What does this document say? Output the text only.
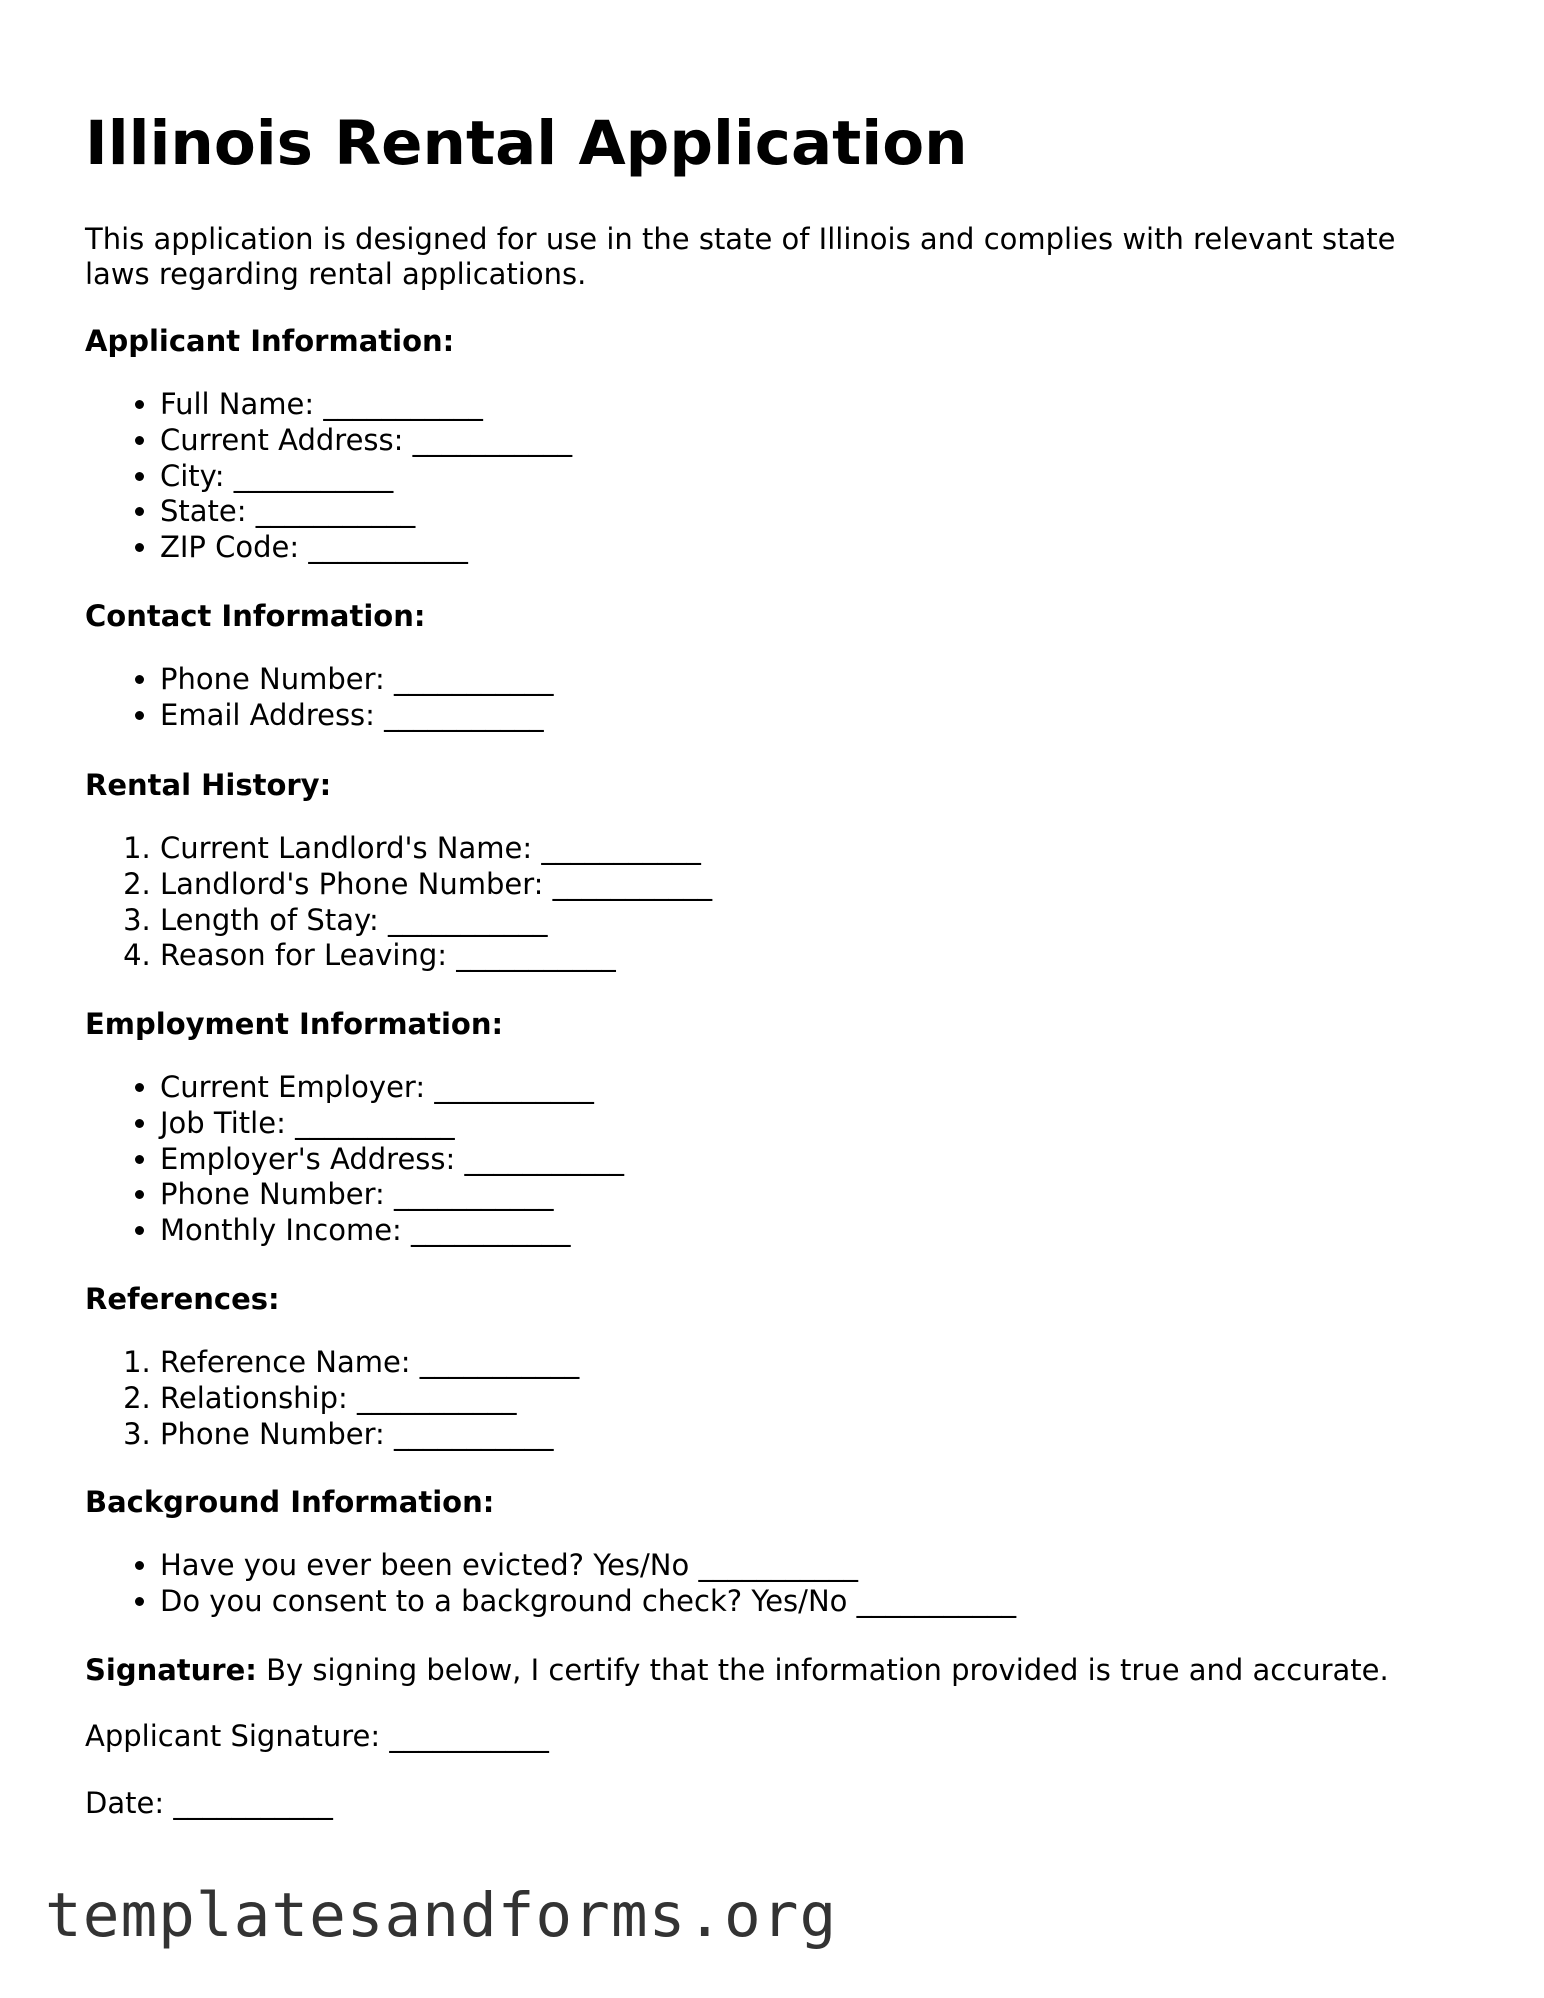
Illinois Rental Application

This application is designed for use in the state of Illinois and complies with relevant state laws regarding rental applications.

Applicant Information:
• Full Name: ___________
• Current Address: ___________
• City: ___________
• State: ___________
• ZIP Code: ___________
Contact Information:
• Phone Number: ___________
• Email Address: ___________
Rental History:
1. Current Landlord's Name: ___________
2. Landlord's Phone Number: ___________
3. Length of Stay: ___________
4. Reason for Leaving: ___________
Employment Information:
• Current Employer: ___________
• Job Title: ___________
• Employer's Address: ___________
• Phone Number: ___________
• Monthly Income: ___________
References:
1. Reference Name: ___________
2. Relationship: ___________
3. Phone Number: ___________
Background Information:
• Have you ever been evicted? Yes/No ___________
• Do you consent to a background check? Yes/No ___________

Signature: By signing below, I certify that the information provided is true and accurate.

Applicant Signature: ___________

Date: ___________

templatesandforms.org
